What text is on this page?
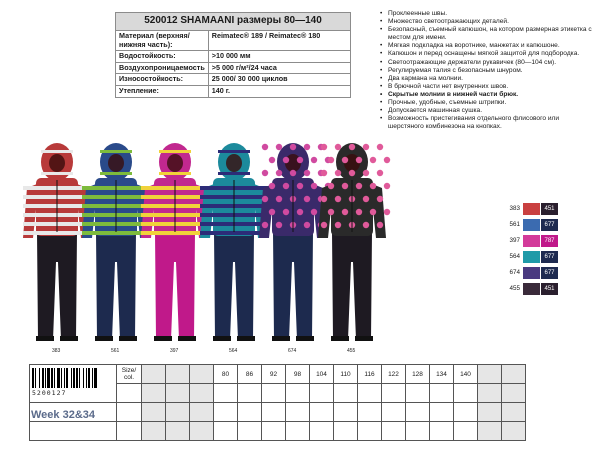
520012 SHAMAANI размеры 80—140	
Материал (верхняя/ нижняя часть):	Reimatec® 189 / Reimatec® 180
Водостойкость:	>10 000 мм
Воздухопроницаемость	>5 000 г/м²/24 часа
Износостойкость:	25 000/ 30 000 циклов
Утепление:	140 г.
• Проклеенные швы.
• Множество светоотражающих деталей.
• Безопасный, съемный капюшон, на котором размерная этикетка с местом для имени.
• Мягкая подкладка на воротнике, манжетах и капюшоне.
• Капюшон и перед оснащены мягкой защитой для подбородка.
• Светоотражающие держатели рукавичек (80—104 см).
• Регулируемая талия с безопасным шнуром.
• Два кармана на молнии.
• В брючной части нет внутренних швов.
• Скрытые молнии в нижней части брюк.
• Прочные, удобные, съемные штрипки.
• Допускается машинная сушка.
• Возможность пристегивания отдельного флисового или шерстяного комбинезона на кнопках.
383	561	397	564	674	455
383	451
561	677
397	787
564	677
674	677
455	451
	Size/ col.				80	86	92	98	104	110	116	122	128	134	140		

5200127
Week 32&34
